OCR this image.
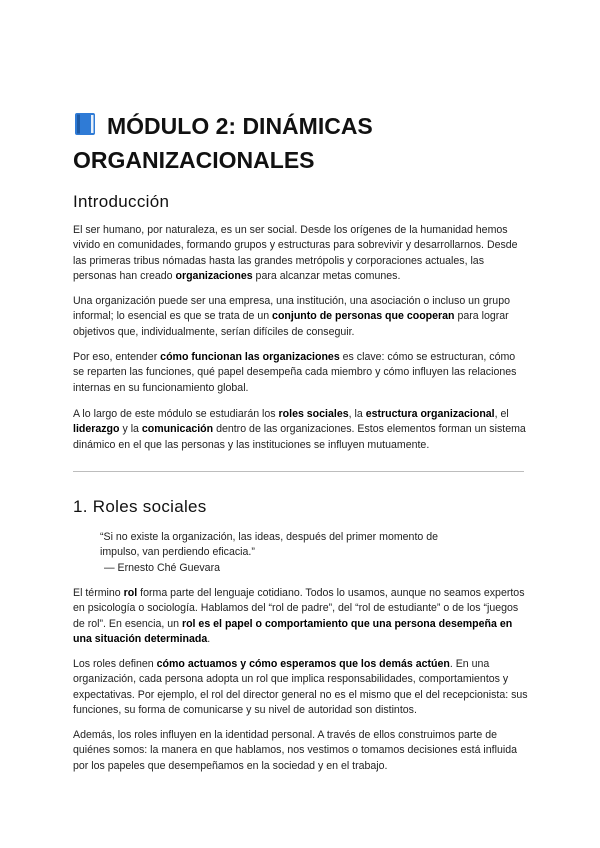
MÓDULO 2: DINÁMICAS ORGANIZACIONALES
Introducción

El ser humano, por naturaleza, es un ser social. Desde los orígenes de la humanidad hemos vivido en comunidades, formando grupos y estructuras para sobrevivir y desarrollarnos. Desde las primeras tribus nómadas hasta las grandes metrópolis y corporaciones actuales, las personas han creado organizaciones para alcanzar metas comunes.

Una organización puede ser una empresa, una institución, una asociación o incluso un grupo informal; lo esencial es que se trata de un conjunto de personas que cooperan para lograr objetivos que, individualmente, serían difíciles de conseguir.

Por eso, entender cómo funcionan las organizaciones es clave: cómo se estructuran, cómo se reparten las funciones, qué papel desempeña cada miembro y cómo influyen las relaciones internas en su funcionamiento global.

A lo largo de este módulo se estudiarán los roles sociales, la estructura organizacional, el liderazgo y la comunicación dentro de las organizaciones. Estos elementos forman un sistema dinámico en el que las personas y las instituciones se influyen mutuamente.

1. Roles sociales
“Si no existe la organización, las ideas, después del primer momento de impulso, van perdiendo eficacia.”
— Ernesto Ché Guevara

El término rol forma parte del lenguaje cotidiano. Todos lo usamos, aunque no seamos expertos en psicología o sociología. Hablamos del “rol de padre”, del “rol de estudiante” o de los “juegos de rol”. En esencia, un rol es el papel o comportamiento que una persona desempeña en una situación determinada.

Los roles definen cómo actuamos y cómo esperamos que los demás actúen. En una organización, cada persona adopta un rol que implica responsabilidades, comportamientos y expectativas. Por ejemplo, el rol del director general no es el mismo que el del recepcionista: sus funciones, su forma de comunicarse y su nivel de autoridad son distintos.

Además, los roles influyen en la identidad personal. A través de ellos construimos parte de quiénes somos: la manera en que hablamos, nos vestimos o tomamos decisiones está influida por los papeles que desempeñamos en la sociedad y en el trabajo.
